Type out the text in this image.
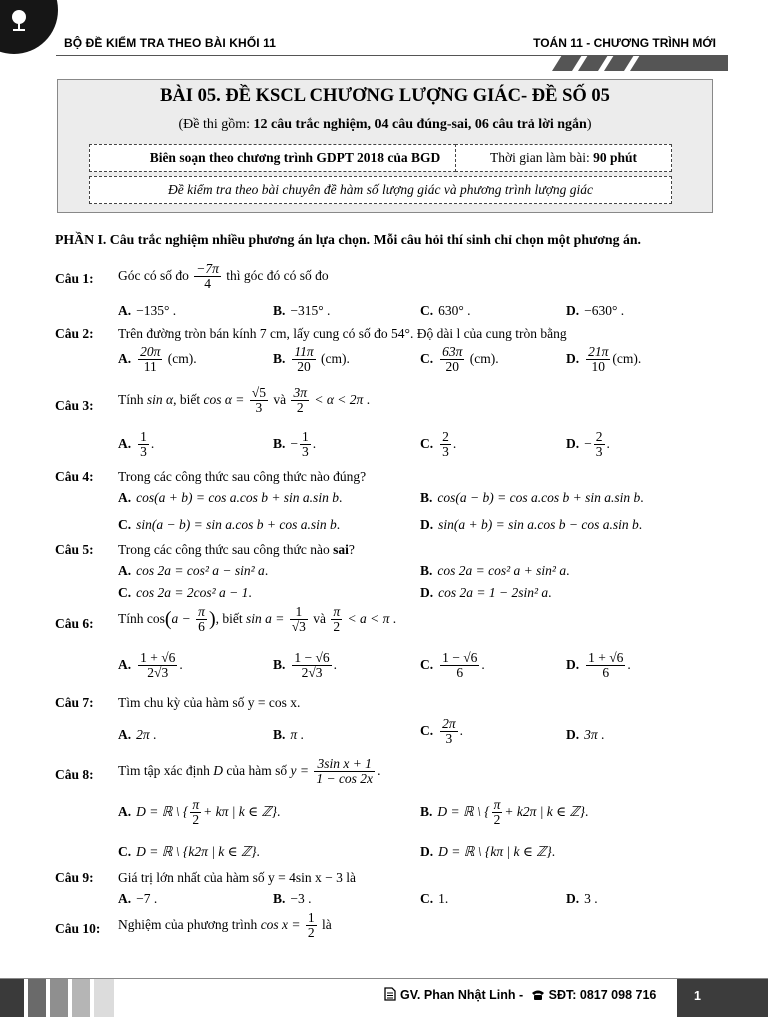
BỘ ĐỀ KIỂM TRA THEO BÀI KHỐI 11	TOÁN 11 - CHƯƠNG TRÌNH MỚI
BÀI 05. ĐỀ KSCL CHƯƠNG LƯỢNG GIÁC- ĐỀ SỐ 05
(Đề thi gồm: 12 câu trắc nghiệm, 04 câu đúng-sai, 06 câu trả lời ngắn)
Biên soạn theo chương trình GDPT 2018 của BGD	Thời gian làm bài: 90 phút
Đề kiểm tra theo bài chuyên đề hàm số lượng giác và phương trình lượng giác
PHẦN I. Câu trắc nghiệm nhiều phương án lựa chọn. Mỗi câu hỏi thí sinh chỉ chọn một phương án.
Câu 1: Góc có số đo $\frac{-7\pi}{4}$ thì góc đó có số đo
A. −135° .	B. −315° .	C. 630° .	D. −630° .
Câu 2: Trên đường tròn bán kính 7 cm, lấy cung có số đo 54°. Độ dài l của cung tròn bằng
A. $\frac{20\pi}{11} (cm)$.	B. $\frac{11\pi}{20} (cm)$.	C. $\frac{63\pi}{20} (cm)$.	D. $\frac{21\pi}{10} (cm)$.
Câu 3: Tính sin α, biết $\cos \alpha = \frac{√5}{3}$ và $\frac{3\pi}{2} < \alpha < 2\pi$ .
A. $\frac{1}{3}$ .	B. − $\frac{1}{3}$ .	C. $\frac{2}{3}$ .	D. − $\frac{2}{3}$ .
Câu 4: Trong các công thức sau công thức nào đúng?
A. cos(a + b) = cos a.cos b + sin a.sin b.	B. cos(a − b) = cos a.cos b + sin a.sin b.
C. sin(a − b) = sin a.cos b + cos a.sin b.	D. sin(a + b) = sin a.cos b − cos a.sin b.
Câu 5: Trong các công thức sau công thức nào sai?
A. cos 2a = cos² a − sin² a.	B. cos 2a = cos² a + sin² a.
C. cos 2a = 2cos² a − 1.	D. cos 2a = 1 − 2sin² a.
Câu 6: Tính $\cos(a - \frac{\pi}{6}$ ), biết $\sin a = \frac{1}{√3}$ và $\frac{\pi}{2} < a < \pi$ .
A. $\frac{1 + √6}{2√3}$ .	B. $\frac{1 - √6}{2√3}$ .	C. $\frac{1 - √6}{6}$ .	D. $\frac{1 + √6}{6}$ .
Câu 7: Tìm chu kỳ của hàm số y = cos x.
A. 2π .	B. π .	C. $\frac{2\pi}{3}$ .	D. 3π .
Câu 8: Tìm tập xác định D của hàm số $y = \frac{\text{3sin x + 1}}{1 - \cos 2x}$ .
A. D = ℝ \ { $\frac{\pi}{2} + k\pi$ | k ∈ ℤ}.	B. D = ℝ \ { $\frac{\pi}{2} + k2\pi$ | k ∈ ℤ}.
C. D = ℝ \ {k2π | k ∈ ℤ}.	D. D = ℝ \ {kπ | k ∈ ℤ}.
Câu 9: Giá trị lớn nhất của hàm số y = 4sin x − 3 là
A. −7 .	B. −3 .	C. 1.	D. 3 .
Câu 10: Nghiệm của phương trình $\cos x = \frac{1}{2}$ là
GV. Phan Nhật Linh - SĐT: 0817 098 716	1
